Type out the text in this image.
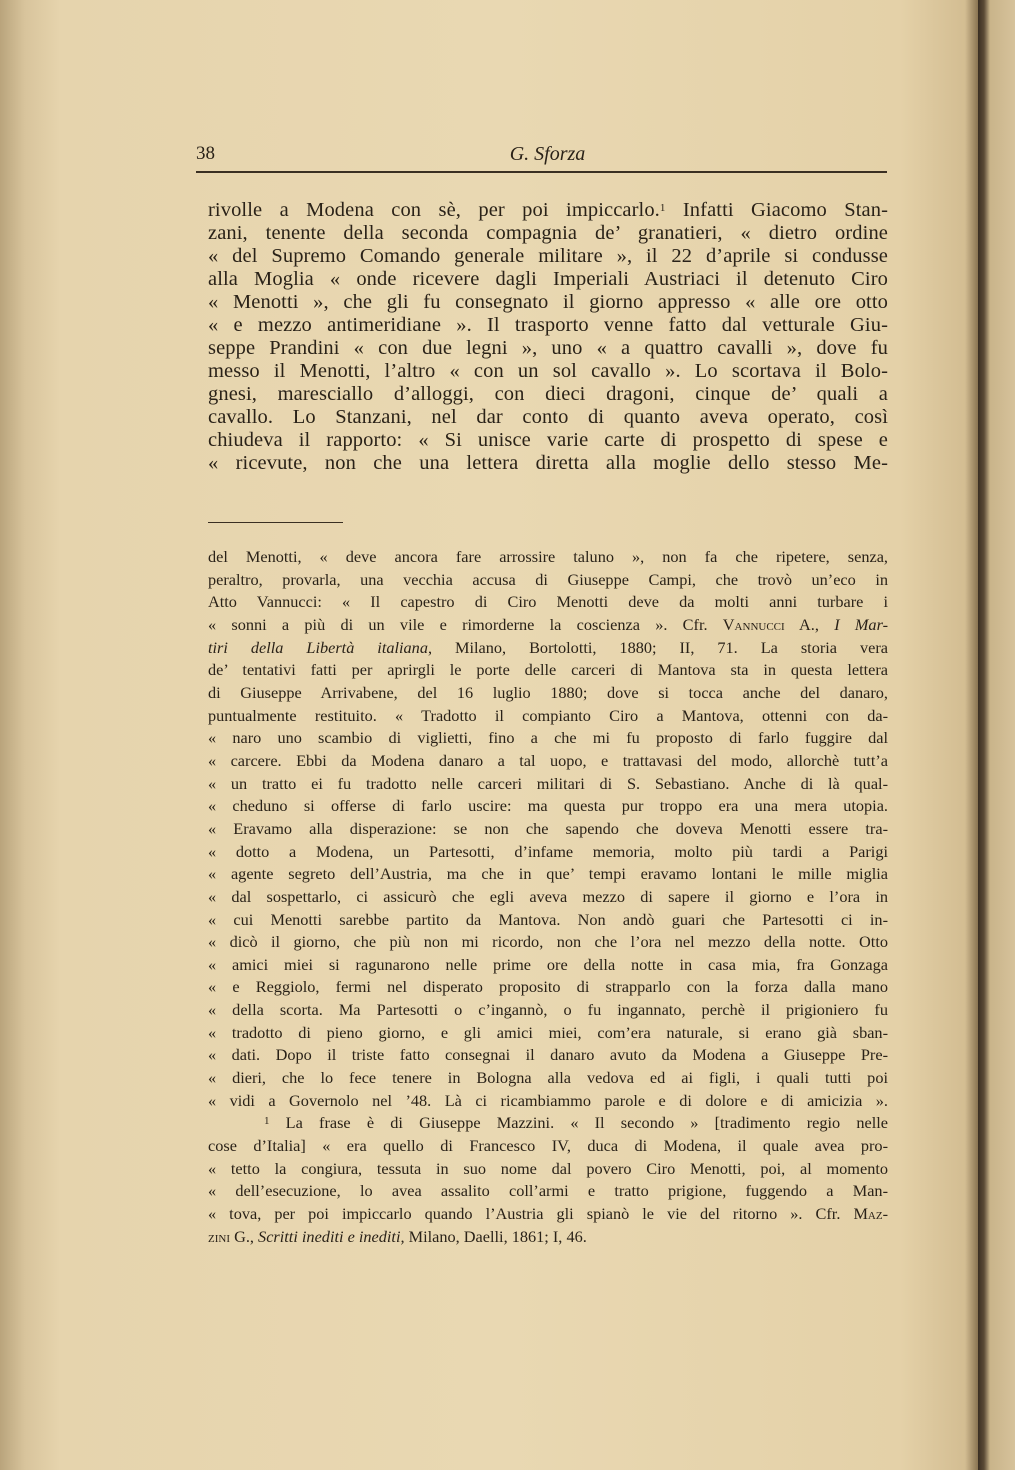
38	G. Sforza
rivolle a Modena con sè, per poi impiccarlo.$^1$ Infatti Giacomo Stan-
zani, tenente della seconda compagnia de’ granatieri, « dietro ordine
« del Supremo Comando generale militare », il 22 d’aprile si condusse
alla Moglia « onde ricevere dagli Imperiali Austriaci il detenuto Ciro
« Menotti », che gli fu consegnato il giorno appresso « alle ore otto
« e mezzo antimeridiane ». Il trasporto venne fatto dal vetturale Giu-
seppe Prandini « con due legni », uno « a quattro cavalli », dove fu
messo il Menotti, l’altro « con un sol cavallo ». Lo scortava il Bolo-
gnesi, maresciallo d’alloggi, con dieci dragoni, cinque de’ quali a
cavallo. Lo Stanzani, nel dar conto di quanto aveva operato, così
chiudeva il rapporto: « Si unisce varie carte di prospetto di spese e
« ricevute, non che una lettera diretta alla moglie dello stesso Me-
del Menotti, « deve ancora fare arrossire taluno », non fa che ripetere, senza,
peraltro, provarla, una vecchia accusa di Giuseppe Campi, che trovò un’eco in
Atto Vannucci: « Il capestro di Ciro Menotti deve da molti anni turbare i
« sonni a più di un vile e rimorderne la coscienza ». Cfr. Vannucci A., I Mar-
tiri della Libertà italiana, Milano, Bortolotti, 1880; II, 71. La storia vera
de’ tentativi fatti per aprirgli le porte delle carceri di Mantova sta in questa lettera
di Giuseppe Arrivabene, del 16 luglio 1880; dove si tocca anche del danaro,
puntualmente restituito. « Tradotto il compianto Ciro a Mantova, ottenni con da-
« naro uno scambio di viglietti, fino a che mi fu proposto di farlo fuggire dal
« carcere. Ebbi da Modena danaro a tal uopo, e trattavasi del modo, allorchè tutt’a
« un tratto ei fu tradotto nelle carceri militari di S. Sebastiano. Anche di là qual-
« cheduno si offerse di farlo uscire: ma questa pur troppo era una mera utopia.
« Eravamo alla disperazione: se non che sapendo che doveva Menotti essere tra-
« dotto a Modena, un Partesotti, d’infame memoria, molto più tardi a Parigi
« agente segreto dell’Austria, ma che in que’ tempi eravamo lontani le mille miglia
« dal sospettarlo, ci assicurò che egli aveva mezzo di sapere il giorno e l’ora in
« cui Menotti sarebbe partito da Mantova. Non andò guari che Partesotti ci in-
« dicò il giorno, che più non mi ricordo, non che l’ora nel mezzo della notte. Otto
« amici miei si ragunarono nelle prime ore della notte in casa mia, fra Gonzaga
« e Reggiolo, fermi nel disperato proposito di strapparlo con la forza dalla mano
« della scorta. Ma Partesotti o c’ingannò, o fu ingannato, perchè il prigioniero fu
« tradotto di pieno giorno, e gli amici miei, com’era naturale, si erano già sban-
« dati. Dopo il triste fatto consegnai il danaro avuto da Modena a Giuseppe Pre-
« dieri, che lo fece tenere in Bologna alla vedova ed ai figli, i quali tutti poi
« vidi a Governolo nel ’48. Là ci ricambiammo parole e di dolore e di amicizia ».
$^1$ La frase è di Giuseppe Mazzini. « Il secondo » [tradimento regio nelle
cose d’Italia] « era quello di Francesco IV, duca di Modena, il quale avea pro-
« tetto la congiura, tessuta in suo nome dal povero Ciro Menotti, poi, al momento
« dell’esecuzione, lo avea assalito coll’armi e tratto prigione, fuggendo a Man-
« tova, per poi impiccarlo quando l’Austria gli spianò le vie del ritorno ». Cfr. Maz-
zini G., Scritti inediti e inediti, Milano, Daelli, 1861; I, 46.
